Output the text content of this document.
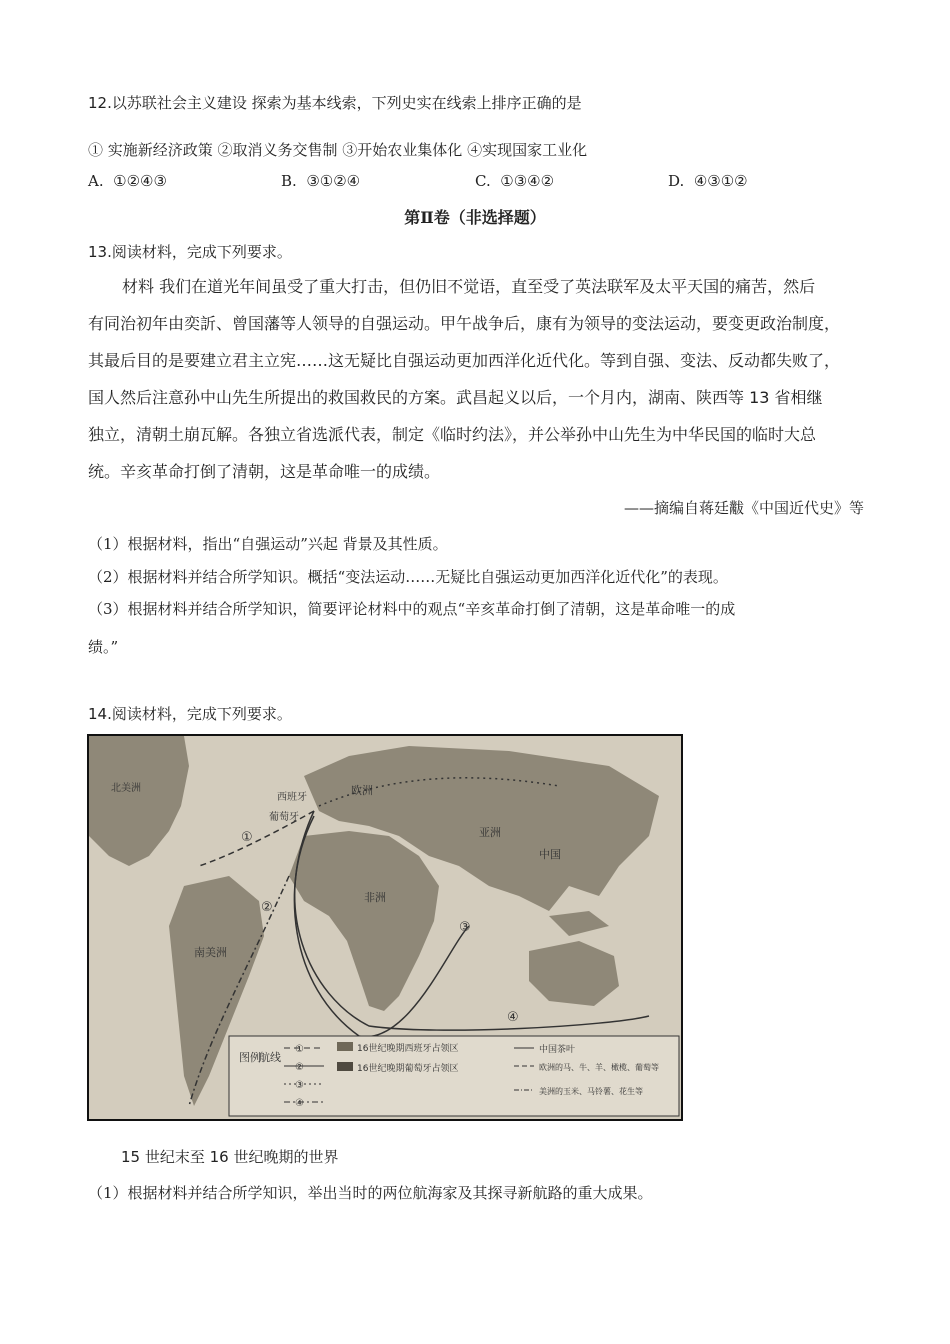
12.以苏联社会主义建设 探索为基本线索，下列史实在线索上排序正确的是
① 实施新经济政策 ②取消义务交售制 ③开始农业集体化 ④实现国家工业化
A. ①②④③	B. ③①②④	C. ①③④②	D. ④③①②
第Ⅱ卷（非选择题）
13.阅读材料，完成下列要求。
材料 我们在道光年间虽受了重大打击，但仍旧不觉语，直至受了英法联军及太平天国的痛苦，然后
有同治初年由奕訢、曾国藩等人领导的自强运动。甲午战争后，康有为领导的变法运动，要变更政治制度，
其最后目的是要建立君主立宪……这无疑比自强运动更加西洋化近代化。等到自强、变法、反动都失败了，
国人然后注意孙中山先生所提出的救国救民的方案。武昌起义以后，一个月内，湖南、陕西等 13 省相继
独立，清朝土崩瓦解。各独立省选派代表，制定《临时约法》，并公举孙中山先生为中华民国的临时大总
统。辛亥革命打倒了清朝，这是革命唯一的成绩。
——摘编自蒋廷黻《中国近代史》等
（1）根据材料，指出“自强运动”兴起 背景及其性质。
（2）根据材料并结合所学知识。概括“变法运动……无疑比自强运动更加西洋化近代化”的表现。
（3）根据材料并结合所学知识，简要评论材料中的观点“辛亥革命打倒了清朝，这是革命唯一的成
绩。”
14.阅读材料，完成下列要求。
北美洲
西班牙
葡萄牙
欧洲
亚洲
中国
非洲
南美洲
①
②
③
④
图例
航线
①
②
③
④
16世纪晚期西班牙占领区
16世纪晚期葡萄牙占领区
中国茶叶
欧洲的马、牛、羊、橄榄、葡萄等
美洲的玉米、马铃薯、花生等
15 世纪末至 16 世纪晚期的世界
（1）根据材料并结合所学知识，举出当时的两位航海家及其探寻新航路的重大成果。
